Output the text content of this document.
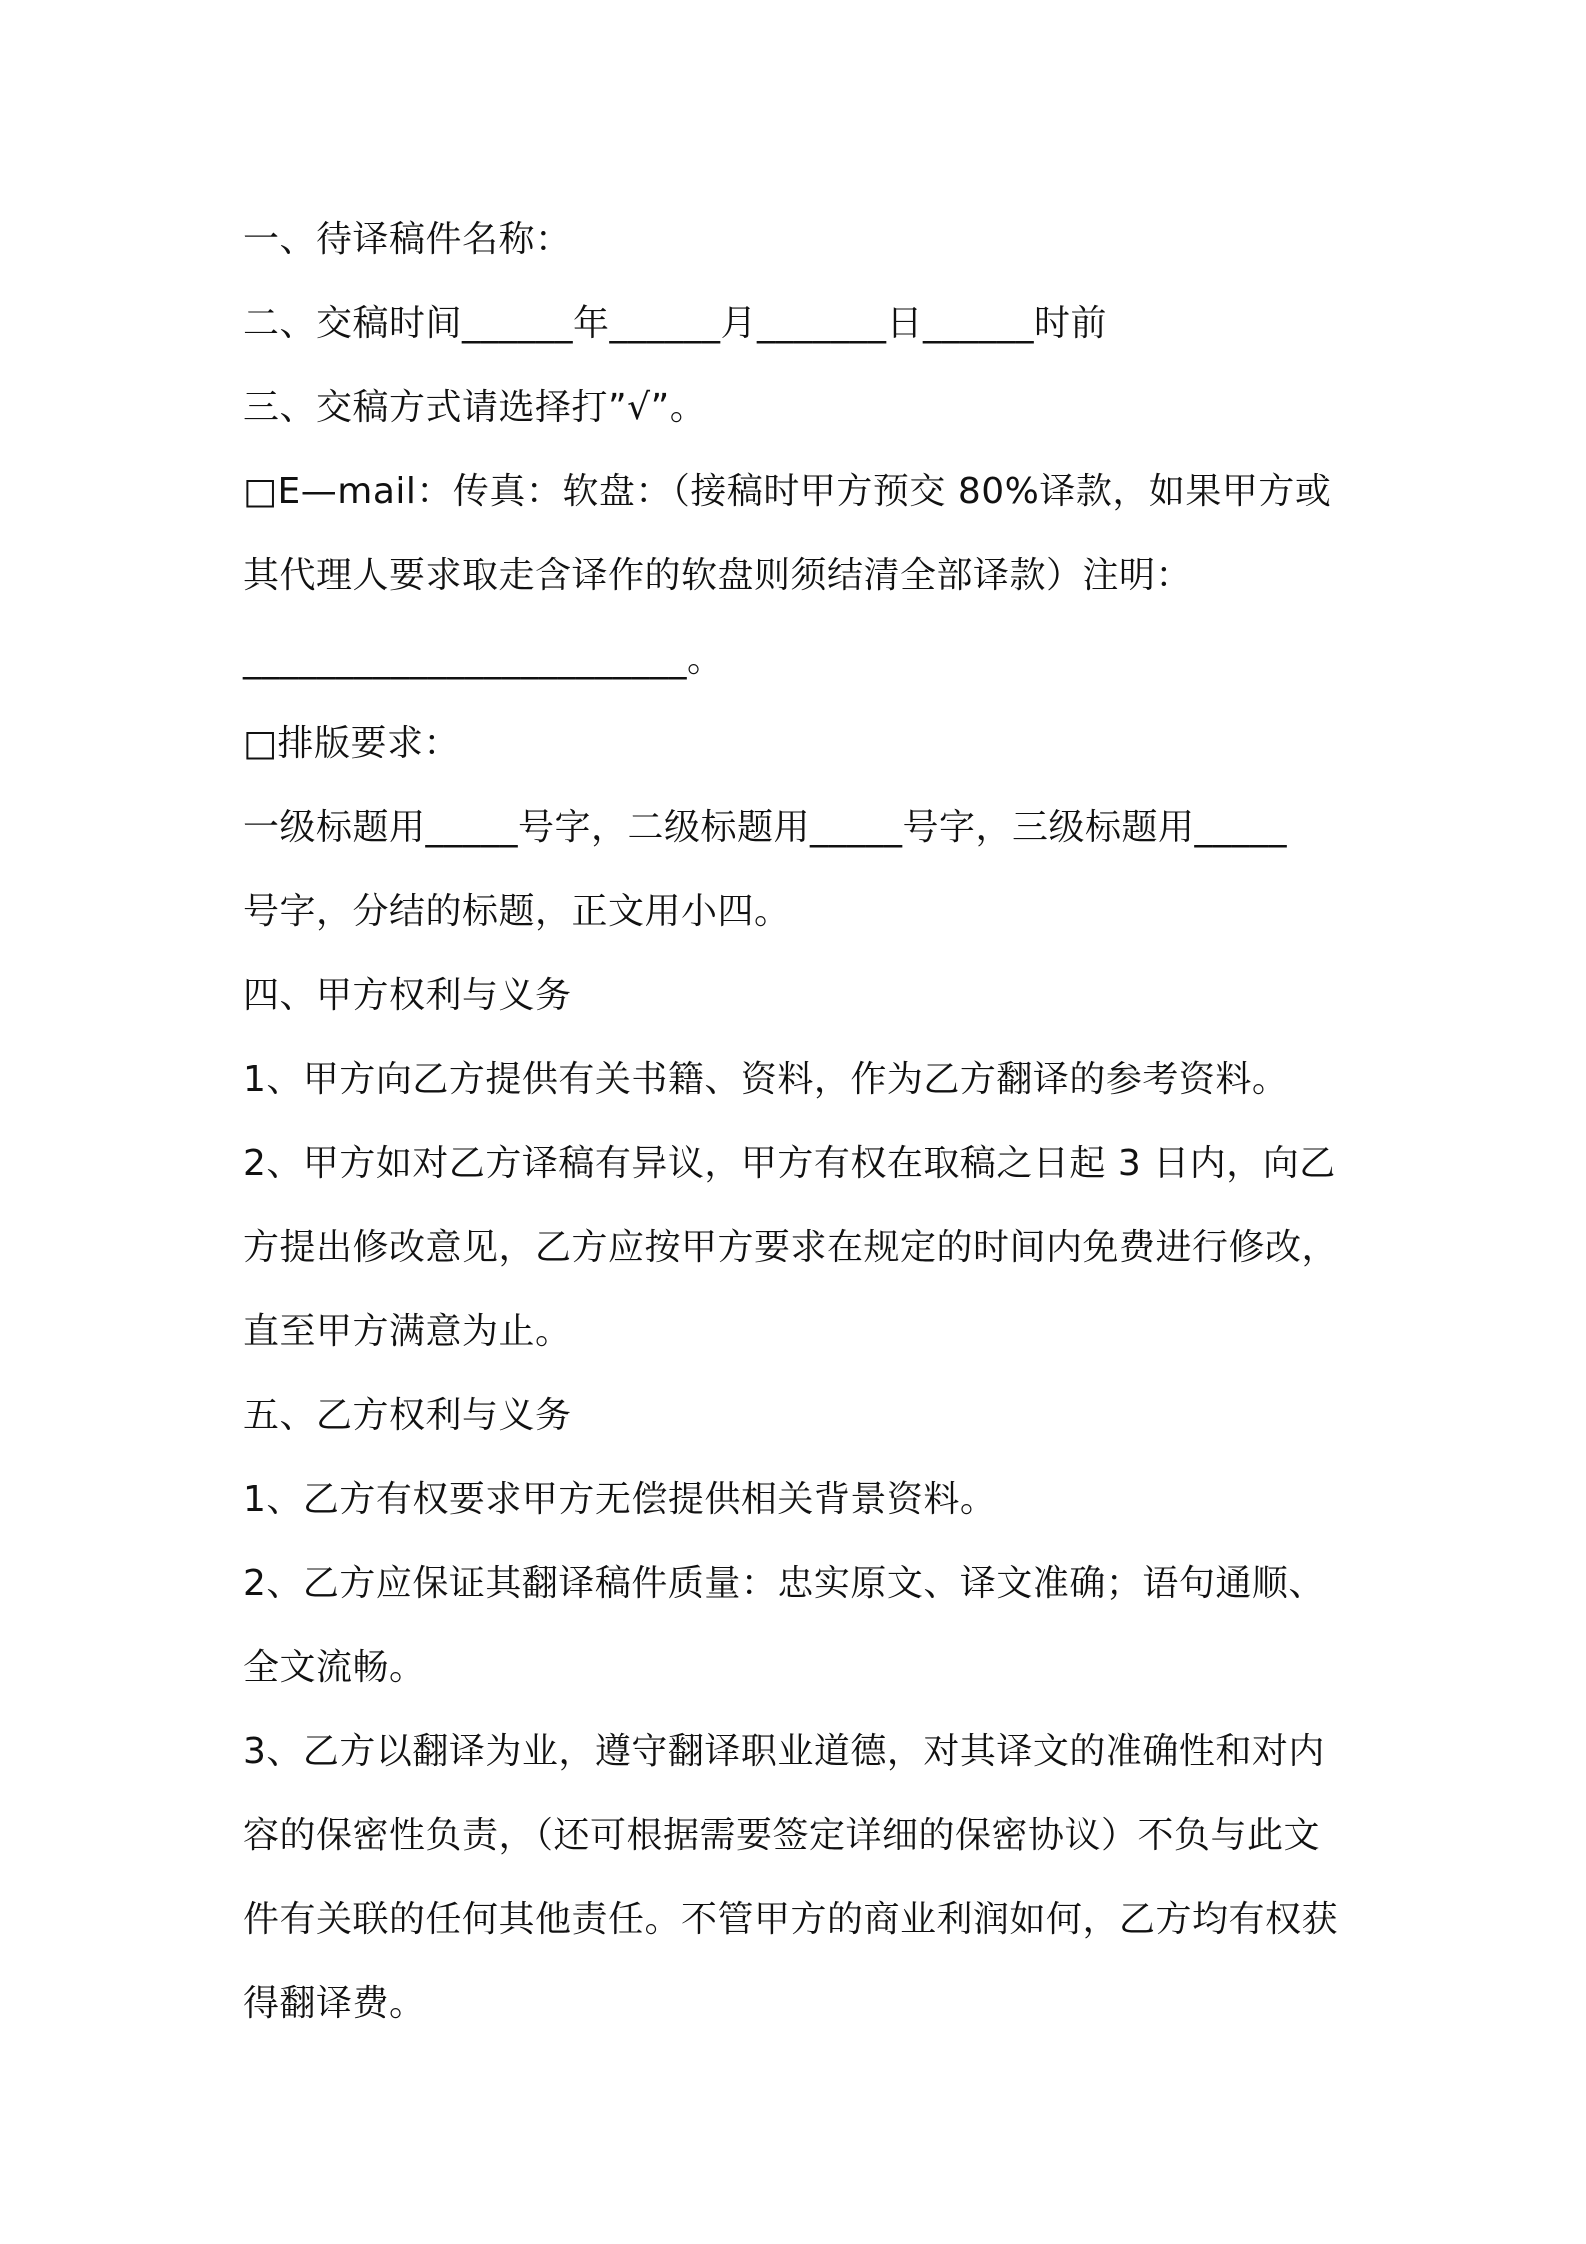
一、待译稿件名称：
二、交稿时间______年______月_______日______时前
三、交稿方式请选择打”√”。
□E—mail：传真：软盘：（接稿时甲方预交 80%译款，如果甲方或
其代理人要求取走含译作的软盘则须结清全部译款）注明：
________________________。
□排版要求：
一级标题用_____号字，二级标题用_____号字，三级标题用_____
号字，分结的标题，正文用小四。
四、甲方权利与义务
1、甲方向乙方提供有关书籍、资料，作为乙方翻译的参考资料。
2、甲方如对乙方译稿有异议，甲方有权在取稿之日起 3 日内，向乙
方提出修改意见，乙方应按甲方要求在规定的时间内免费进行修改，
直至甲方满意为止。
五、乙方权利与义务
1、乙方有权要求甲方无偿提供相关背景资料。
2、乙方应保证其翻译稿件质量：忠实原文、译文准确；语句通顺、
全文流畅。
3、乙方以翻译为业，遵守翻译职业道德，对其译文的准确性和对内
容的保密性负责，（还可根据需要签定详细的保密协议）不负与此文
件有关联的任何其他责任。不管甲方的商业利润如何，乙方均有权获
得翻译费。
